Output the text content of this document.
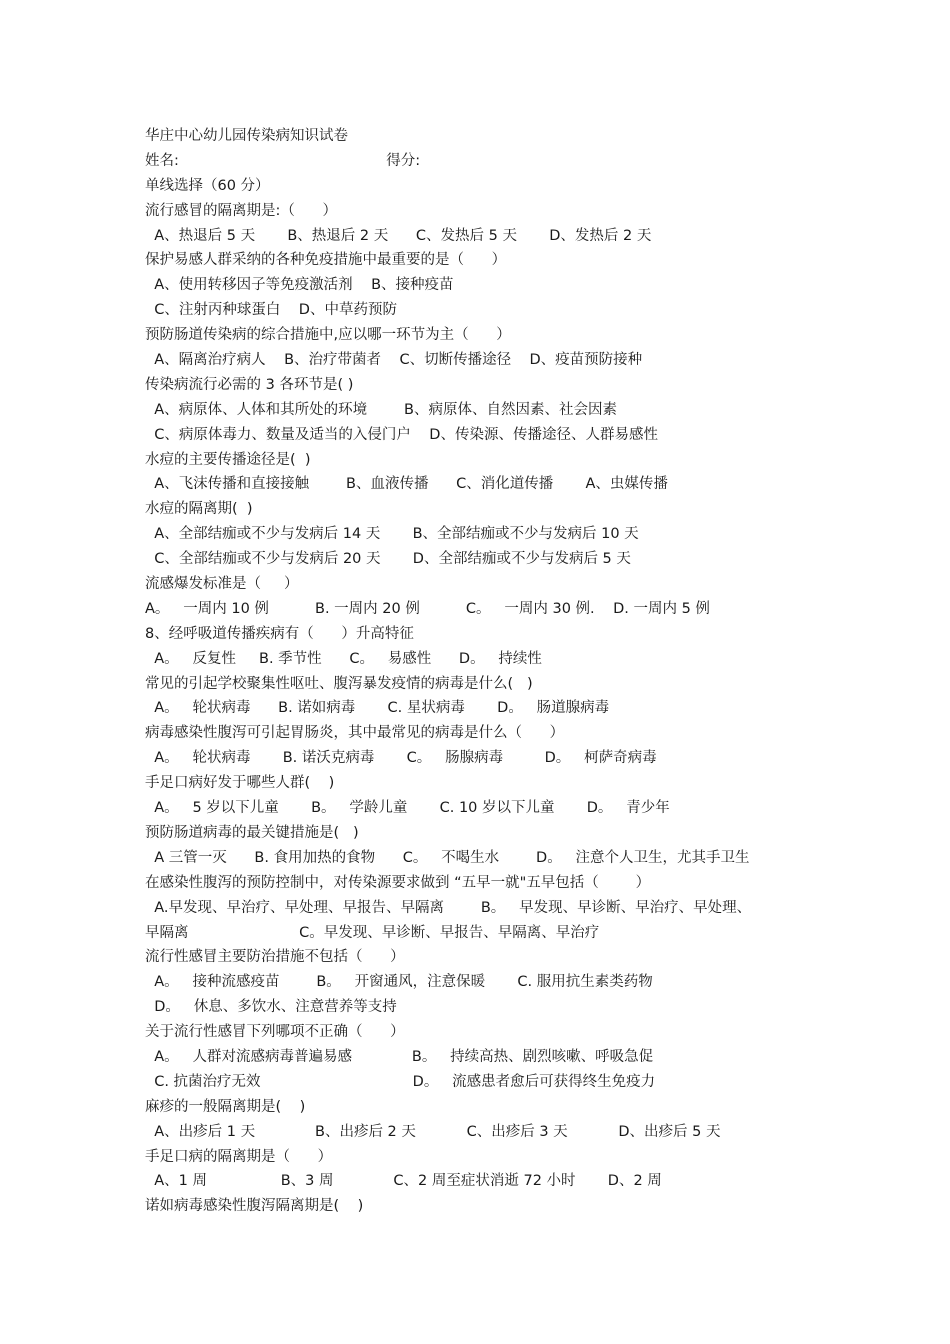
华庄中心幼儿园传染病知识试卷
姓名:                                             得分:
单线选择（60 分）
流行感冒的隔离期是:（      ）
A、热退后 5 天       B、热退后 2 天      C、发热后 5 天       D、发热后 2 天
保护易感人群采纳的各种免疫措施中最重要的是（      ）
A、使用转移因子等免疫激活剂    B、接种疫苗
C、注射丙种球蛋白    D、中草药预防
预防肠道传染病的综合措施中,应以哪一环节为主（      ）
A、隔离治疗病人    B、治疗带菌者    C、切断传播途径    D、疫苗预防接种
传染病流行必需的 3 各环节是( )
A、病原体、人体和其所处的环境        B、病原体、自然因素、社会因素
C、病原体毒力、数量及适当的入侵门户    D、传染源、传播途径、人群易感性
水痘的主要传播途径是(  )
A、飞沫传播和直接接触        B、血液传播      C、消化道传播       A、虫媒传播
水痘的隔离期(  )
A、全部结痂或不少与发病后 14 天       B、全部结痂或不少与发病后 10 天
C、全部结痂或不少与发病后 20 天       D、全部结痂或不少与发病后 5 天
流感爆发标准是（     ）
A。   一周内 10 例          B. 一周内 20 例          C。   一周内 30 例.    D. 一周内 5 例
8、经呼吸道传播疾病有（      ）升高特征
A。   反复性     B. 季节性      C。   易感性      D。   持续性
常见的引起学校聚集性呕吐、腹泻暴发疫情的病毒是什么(   )
A。   轮状病毒      B. 诺如病毒       C. 星状病毒       D。   肠道腺病毒
病毒感染性腹泻可引起胃肠炎，其中最常见的病毒是什么（      ）
A。   轮状病毒       B. 诺沃克病毒       C。   肠腺病毒         D。   柯萨奇病毒
手足口病好发于哪些人群(    )
A。   5 岁以下儿童       B。   学龄儿童       C. 10 岁以下儿童       D。   青少年
预防肠道病毒的最关键措施是(   )
A 三管一灭      B. 食用加热的食物      C。   不喝生水        D。   注意个人卫生，尤其手卫生
在感染性腹泻的预防控制中，对传染源要求做到 “五早一就"五早包括（        ）
A.早发现、早治疗、早处理、早报告、早隔离        B。   早发现、早诊断、早治疗、早处理、
早隔离                        C。早发现、早诊断、早报告、早隔离、早治疗
流行性感冒主要防治措施不包括（      ）
A。   接种流感疫苗        B。   开窗通风，注意保暖       C. 服用抗生素类药物
D。   休息、多饮水、注意营养等支持
关于流行性感冒下列哪项不正确（      ）
A。   人群对流感病毒普遍易感             B。   持续高热、剧烈咳嗽、呼吸急促
C. 抗菌治疗无效                                 D。   流感患者愈后可获得终生免疫力
麻疹的一般隔离期是(    )
A、出疹后 1 天             B、出疹后 2 天           C、出疹后 3 天           D、出疹后 5 天
手足口病的隔离期是（      ）
A、1 周                B、3 周             C、2 周至症状消逝 72 小时       D、2 周
诺如病毒感染性腹泻隔离期是(    )
